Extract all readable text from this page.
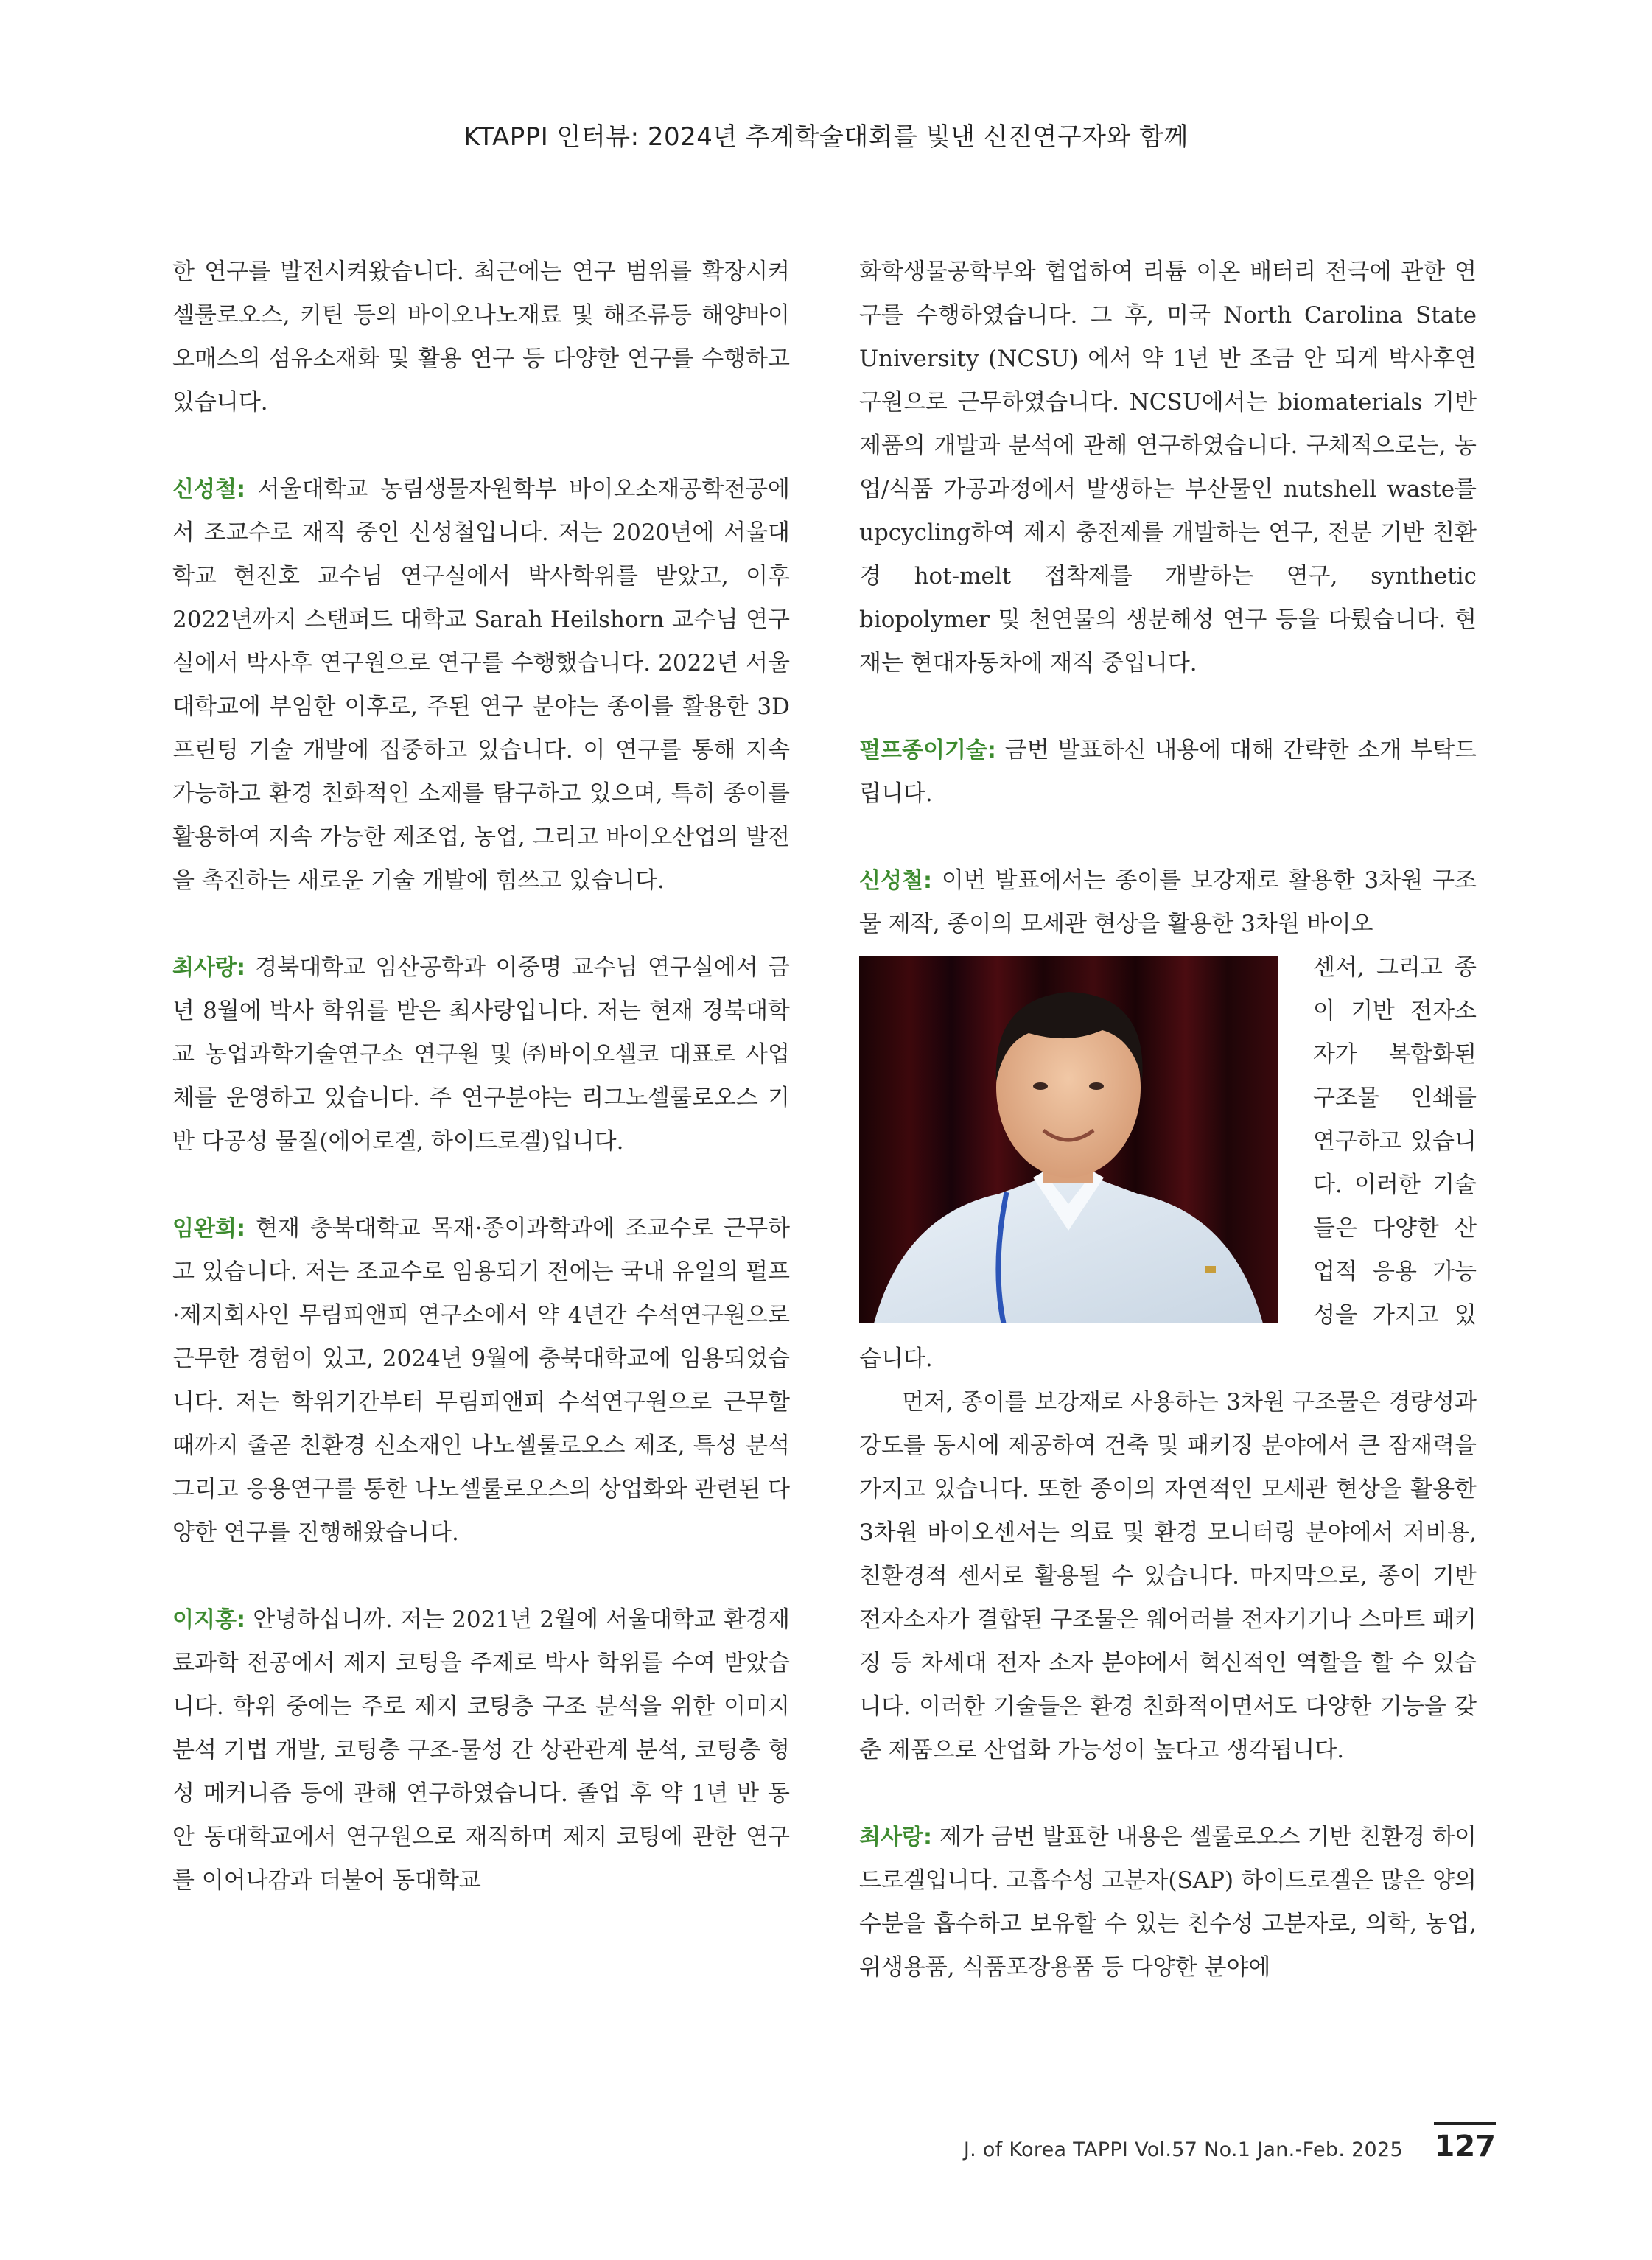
KTAPPI 인터뷰: 2024년 추계학술대회를 빛낸 신진연구자와 함께

한 연구를 발전시켜왔습니다. 최근에는 연구 범위를 확장시켜 셀룰로오스, 키틴 등의 바이오나노재료 및 해조류등 해양바이오매스의 섬유소재화 및 활용 연구 등 다양한 연구를 수행하고 있습니다.

신성철: 서울대학교 농림생물자원학부 바이오소재공학전공에서 조교수로 재직 중인 신성철입니다. 저는 2020년에 서울대학교 현진호 교수님 연구실에서 박사학위를 받았고, 이후 2022년까지 스탠퍼드 대학교 Sarah Heilshorn 교수님 연구실에서 박사후 연구원으로 연구를 수행했습니다. 2022년 서울대학교에 부임한 이후로, 주된 연구 분야는 종이를 활용한 3D 프린팅 기술 개발에 집중하고 있습니다. 이 연구를 통해 지속 가능하고 환경 친화적인 소재를 탐구하고 있으며, 특히 종이를 활용하여 지속 가능한 제조업, 농업, 그리고 바이오산업의 발전을 촉진하는 새로운 기술 개발에 힘쓰고 있습니다.

최사랑: 경북대학교 임산공학과 이중명 교수님 연구실에서 금년 8월에 박사 학위를 받은 최사랑입니다. 저는 현재 경북대학교 농업과학기술연구소 연구원 및 ㈜바이오셀코 대표로 사업체를 운영하고 있습니다. 주 연구분야는 리그노셀룰로오스 기반 다공성 물질(에어로겔, 하이드로겔)입니다.

임완희: 현재 충북대학교 목재·종이과학과에 조교수로 근무하고 있습니다. 저는 조교수로 임용되기 전에는 국내 유일의 펄프·제지회사인 무림피앤피 연구소에서 약 4년간 수석연구원으로 근무한 경험이 있고, 2024년 9월에 충북대학교에 임용되었습니다. 저는 학위기간부터 무림피앤피 수석연구원으로 근무할 때까지 줄곧 친환경 신소재인 나노셀룰로오스 제조, 특성 분석 그리고 응용연구를 통한 나노셀룰로오스의 상업화와 관련된 다양한 연구를 진행해왔습니다.

이지홍: 안녕하십니까. 저는 2021년 2월에 서울대학교 환경재료과학 전공에서 제지 코팅을 주제로 박사 학위를 수여 받았습니다. 학위 중에는 주로 제지 코팅층 구조 분석을 위한 이미지 분석 기법 개발, 코팅층 구조-물성 간 상관관계 분석, 코팅층 형성 메커니즘 등에 관해 연구하였습니다. 졸업 후 약 1년 반 동안 동대학교에서 연구원으로 재직하며 제지 코팅에 관한 연구를 이어나감과 더불어 동대학교

화학생물공학부와 협업하여 리튬 이온 배터리 전극에 관한 연구를 수행하였습니다. 그 후, 미국 North Carolina State University (NCSU) 에서 약 1년 반 조금 안 되게 박사후연구원으로 근무하였습니다. NCSU에서는 biomaterials 기반 제품의 개발과 분석에 관해 연구하였습니다. 구체적으로는, 농업/식품 가공과정에서 발생하는 부산물인 nutshell waste를 upcycling하여 제지 충전제를 개발하는 연구, 전분 기반 친환경 hot-melt 접착제를 개발하는 연구, synthetic biopolymer 및 천연물의 생분해성 연구 등을 다뤘습니다. 현재는 현대자동차에 재직 중입니다.

펄프종이기술: 금번 발표하신 내용에 대해 간략한 소개 부탁드립니다.

신성철: 이번 발표에서는 종이를 보강재로 활용한 3차원 구조물 제작, 종이의 모세관 현상을 활용한 3차원 바이오

센서, 그리고 종이 기반 전자소자가 복합화된 구조물 인쇄를 연구하고 있습니다. 이러한 기술들은 다양한 산업적 응용 가능성을 가지고 있습니다.

먼저, 종이를 보강재로 사용하는 3차원 구조물은 경량성과 강도를 동시에 제공하여 건축 및 패키징 분야에서 큰 잠재력을 가지고 있습니다. 또한 종이의 자연적인 모세관 현상을 활용한 3차원 바이오센서는 의료 및 환경 모니터링 분야에서 저비용, 친환경적 센서로 활용될 수 있습니다. 마지막으로, 종이 기반 전자소자가 결합된 구조물은 웨어러블 전자기기나 스마트 패키징 등 차세대 전자 소자 분야에서 혁신적인 역할을 할 수 있습니다. 이러한 기술들은 환경 친화적이면서도 다양한 기능을 갖춘 제품으로 산업화 가능성이 높다고 생각됩니다.

최사랑: 제가 금번 발표한 내용은 셀룰로오스 기반 친환경 하이드로겔입니다. 고흡수성 고분자(SAP) 하이드로겔은 많은 양의 수분을 흡수하고 보유할 수 있는 친수성 고분자로, 의학, 농업, 위생용품, 식품포장용품 등 다양한 분야에

J. of Korea TAPPI Vol.57 No.1 Jan.-Feb. 2025 127
